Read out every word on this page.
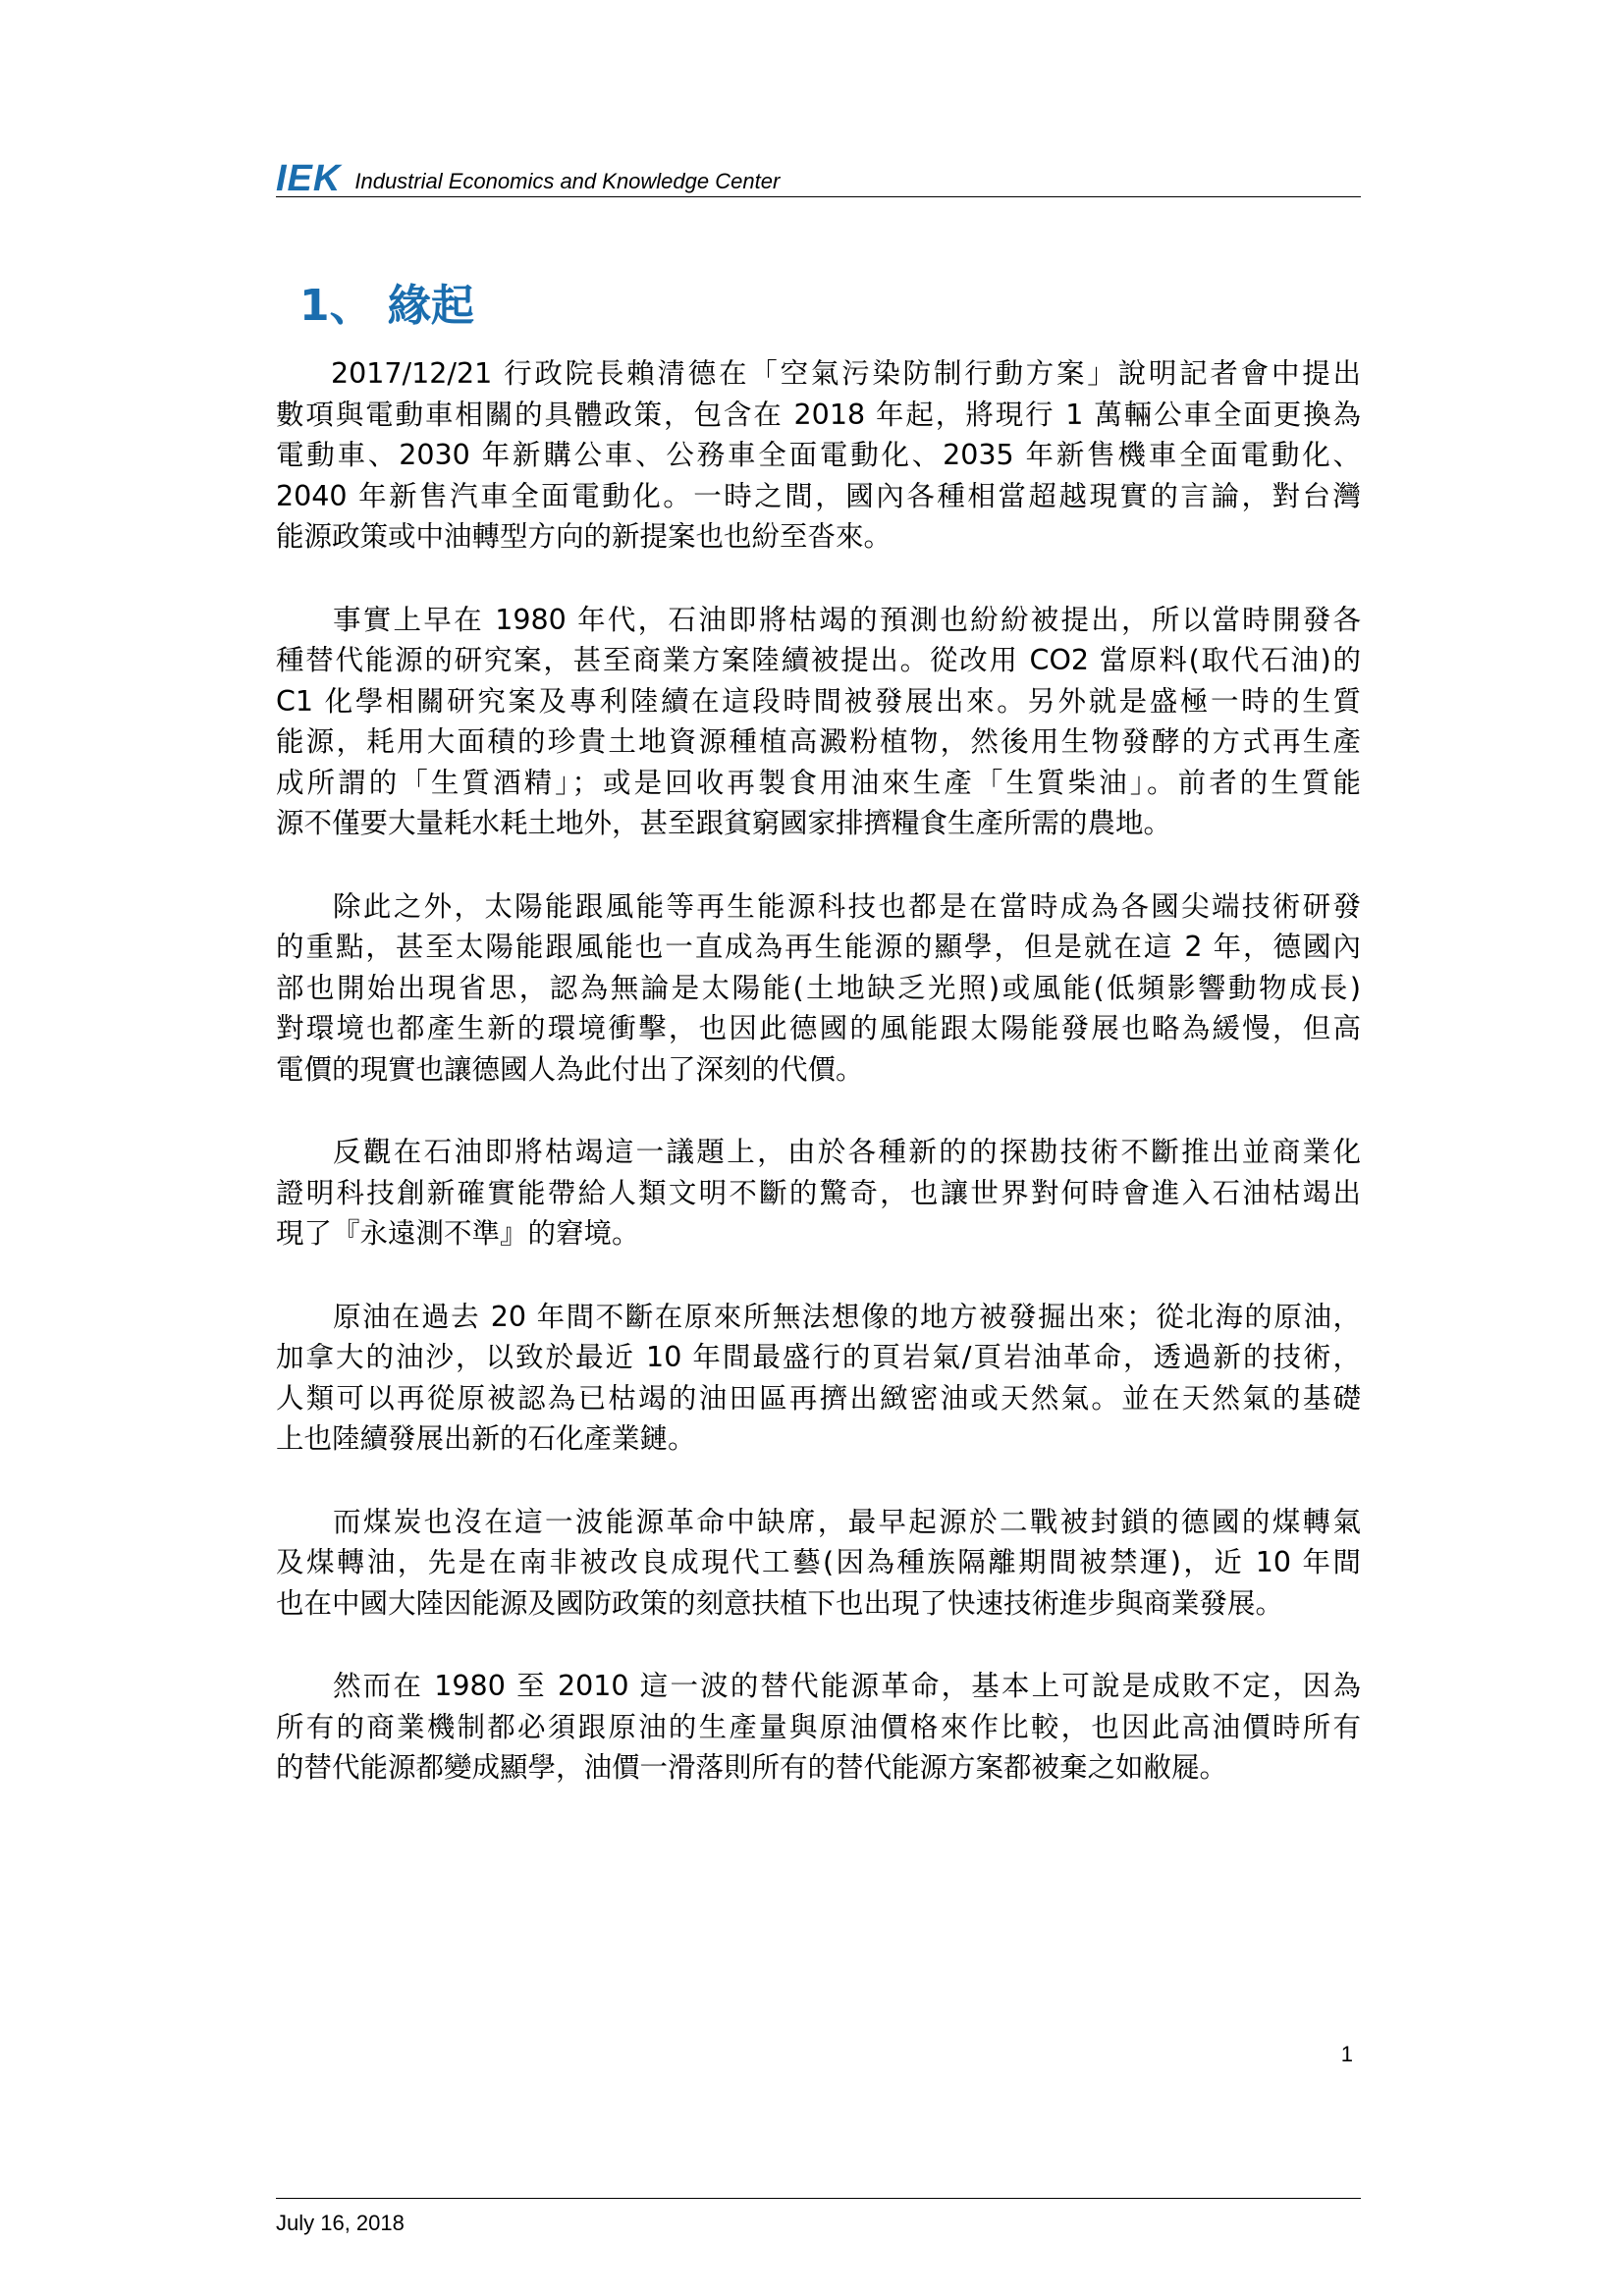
IEK Industrial Economics and Knowledge Center
1、 緣起

2017/12/21 行政院長賴清德在「空氣污染防制行動方案」說明記者會中提出
數項與電動車相關的具體政策，包含在 2018 年起，將現行 1 萬輛公車全面更換為
電動車、2030 年新購公車、公務車全面電動化、2035 年新售機車全面電動化、
2040 年新售汽車全面電動化。一時之間，國內各種相當超越現實的言論，對台灣
能源政策或中油轉型方向的新提案也也紛至沓來。

事實上早在 1980 年代，石油即將枯竭的預測也紛紛被提出，所以當時開發各
種替代能源的研究案，甚至商業方案陸續被提出。從改用 CO2 當原料(取代石油)的
C1 化學相關研究案及專利陸續在這段時間被發展出來。另外就是盛極一時的生質
能源，耗用大面積的珍貴土地資源種植高澱粉植物，然後用生物發酵的方式再生產
成所謂的「生質酒精」；或是回收再製食用油來生產「生質柴油」。前者的生質能
源不僅要大量耗水耗土地外，甚至跟貧窮國家排擠糧食生產所需的農地。

除此之外，太陽能跟風能等再生能源科技也都是在當時成為各國尖端技術研發
的重點，甚至太陽能跟風能也一直成為再生能源的顯學，但是就在這 2 年，德國內
部也開始出現省思，認為無論是太陽能(土地缺乏光照)或風能(低頻影響動物成長)
對環境也都產生新的環境衝擊，也因此德國的風能跟太陽能發展也略為緩慢，但高
電價的現實也讓德國人為此付出了深刻的代價。

反觀在石油即將枯竭這一議題上，由於各種新的的探勘技術不斷推出並商業化
證明科技創新確實能帶給人類文明不斷的驚奇，也讓世界對何時會進入石油枯竭出
現了『永遠測不準』的窘境。

原油在過去 20 年間不斷在原來所無法想像的地方被發掘出來；從北海的原油，
加拿大的油沙，以致於最近 10 年間最盛行的頁岩氣/頁岩油革命，透過新的技術，
人類可以再從原被認為已枯竭的油田區再擠出緻密油或天然氣。並在天然氣的基礎
上也陸續發展出新的石化產業鏈。

而煤炭也沒在這一波能源革命中缺席，最早起源於二戰被封鎖的德國的煤轉氣
及煤轉油，先是在南非被改良成現代工藝(因為種族隔離期間被禁運)，近 10 年間
也在中國大陸因能源及國防政策的刻意扶植下也出現了快速技術進步與商業發展。

然而在 1980 至 2010 這一波的替代能源革命，基本上可說是成敗不定，因為
所有的商業機制都必須跟原油的生產量與原油價格來作比較，也因此高油價時所有
的替代能源都變成顯學，油價一滑落則所有的替代能源方案都被棄之如敝屣。

1
July 16, 2018
